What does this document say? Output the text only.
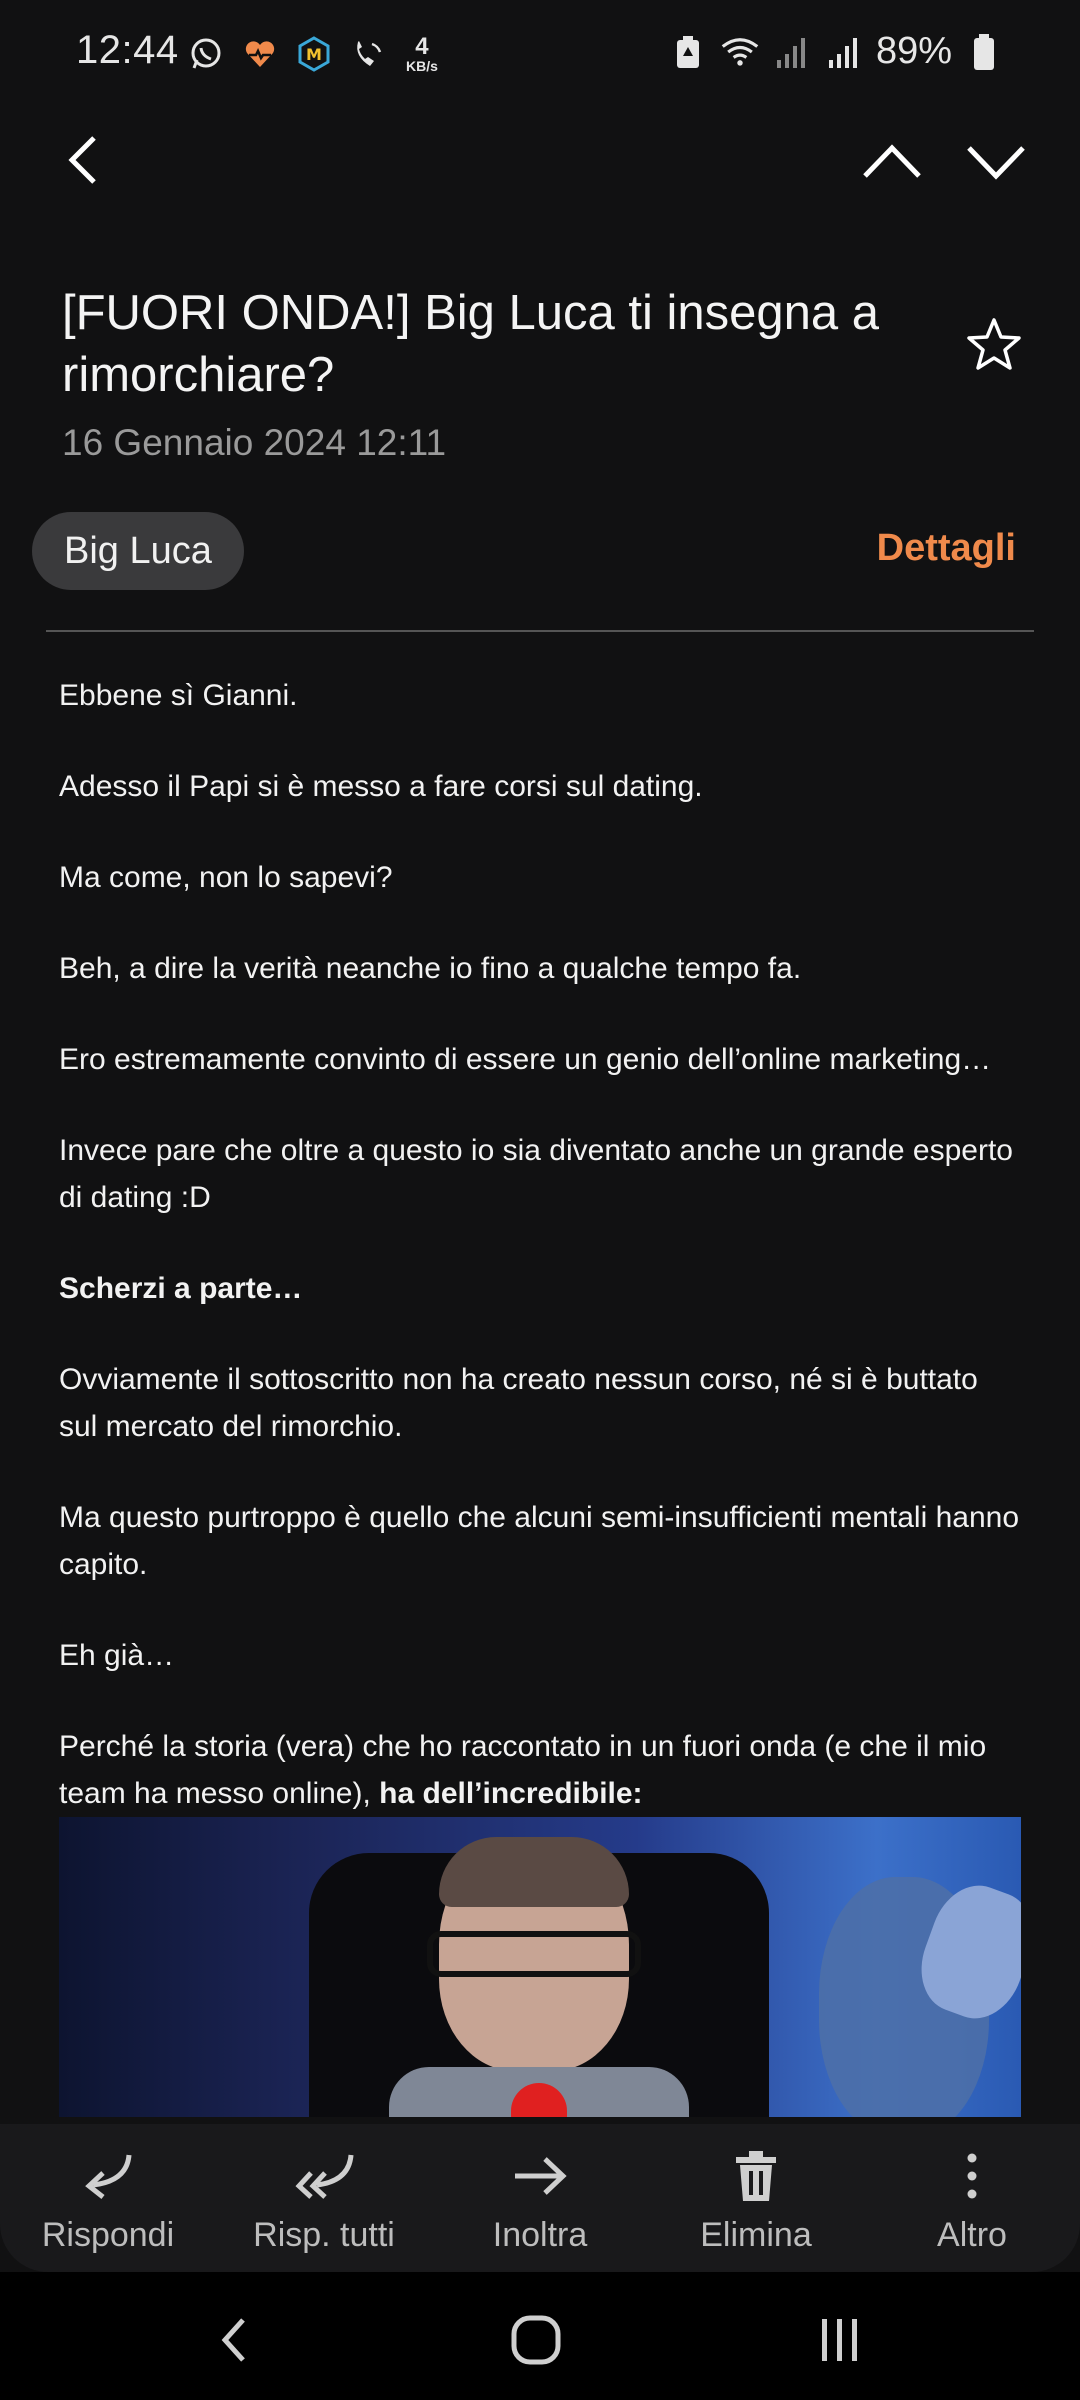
12:44	M	4
KB/s	89%
[FUORI ONDA!] Big Luca ti insegna a rimorchiare?
16 Gennaio 2024 12:11
Big Luca	Dettagli

Ebbene sì Gianni.

Adesso il Papi si è messo a fare corsi sul dating.

Ma come, non lo sapevi?

Beh, a dire la verità neanche io fino a qualche tempo fa.

Ero estremamente convinto di essere un genio dell’online marketing…

Invece pare che oltre a questo io sia diventato anche un grande esperto di dating :D

Scherzi a parte…

Ovviamente il sottoscritto non ha creato nessun corso, né si è buttato sul mercato del rimorchio.

Ma questo purtroppo è quello che alcuni semi-insufficienti mentali hanno capito.

Eh già…

Perché la storia (vera) che ho raccontato in un fuori onda (e che il mio team ha messo online), ha dell’incredibile:

Rispondi Risp. tutti	Inoltra	Elimina	Altro
